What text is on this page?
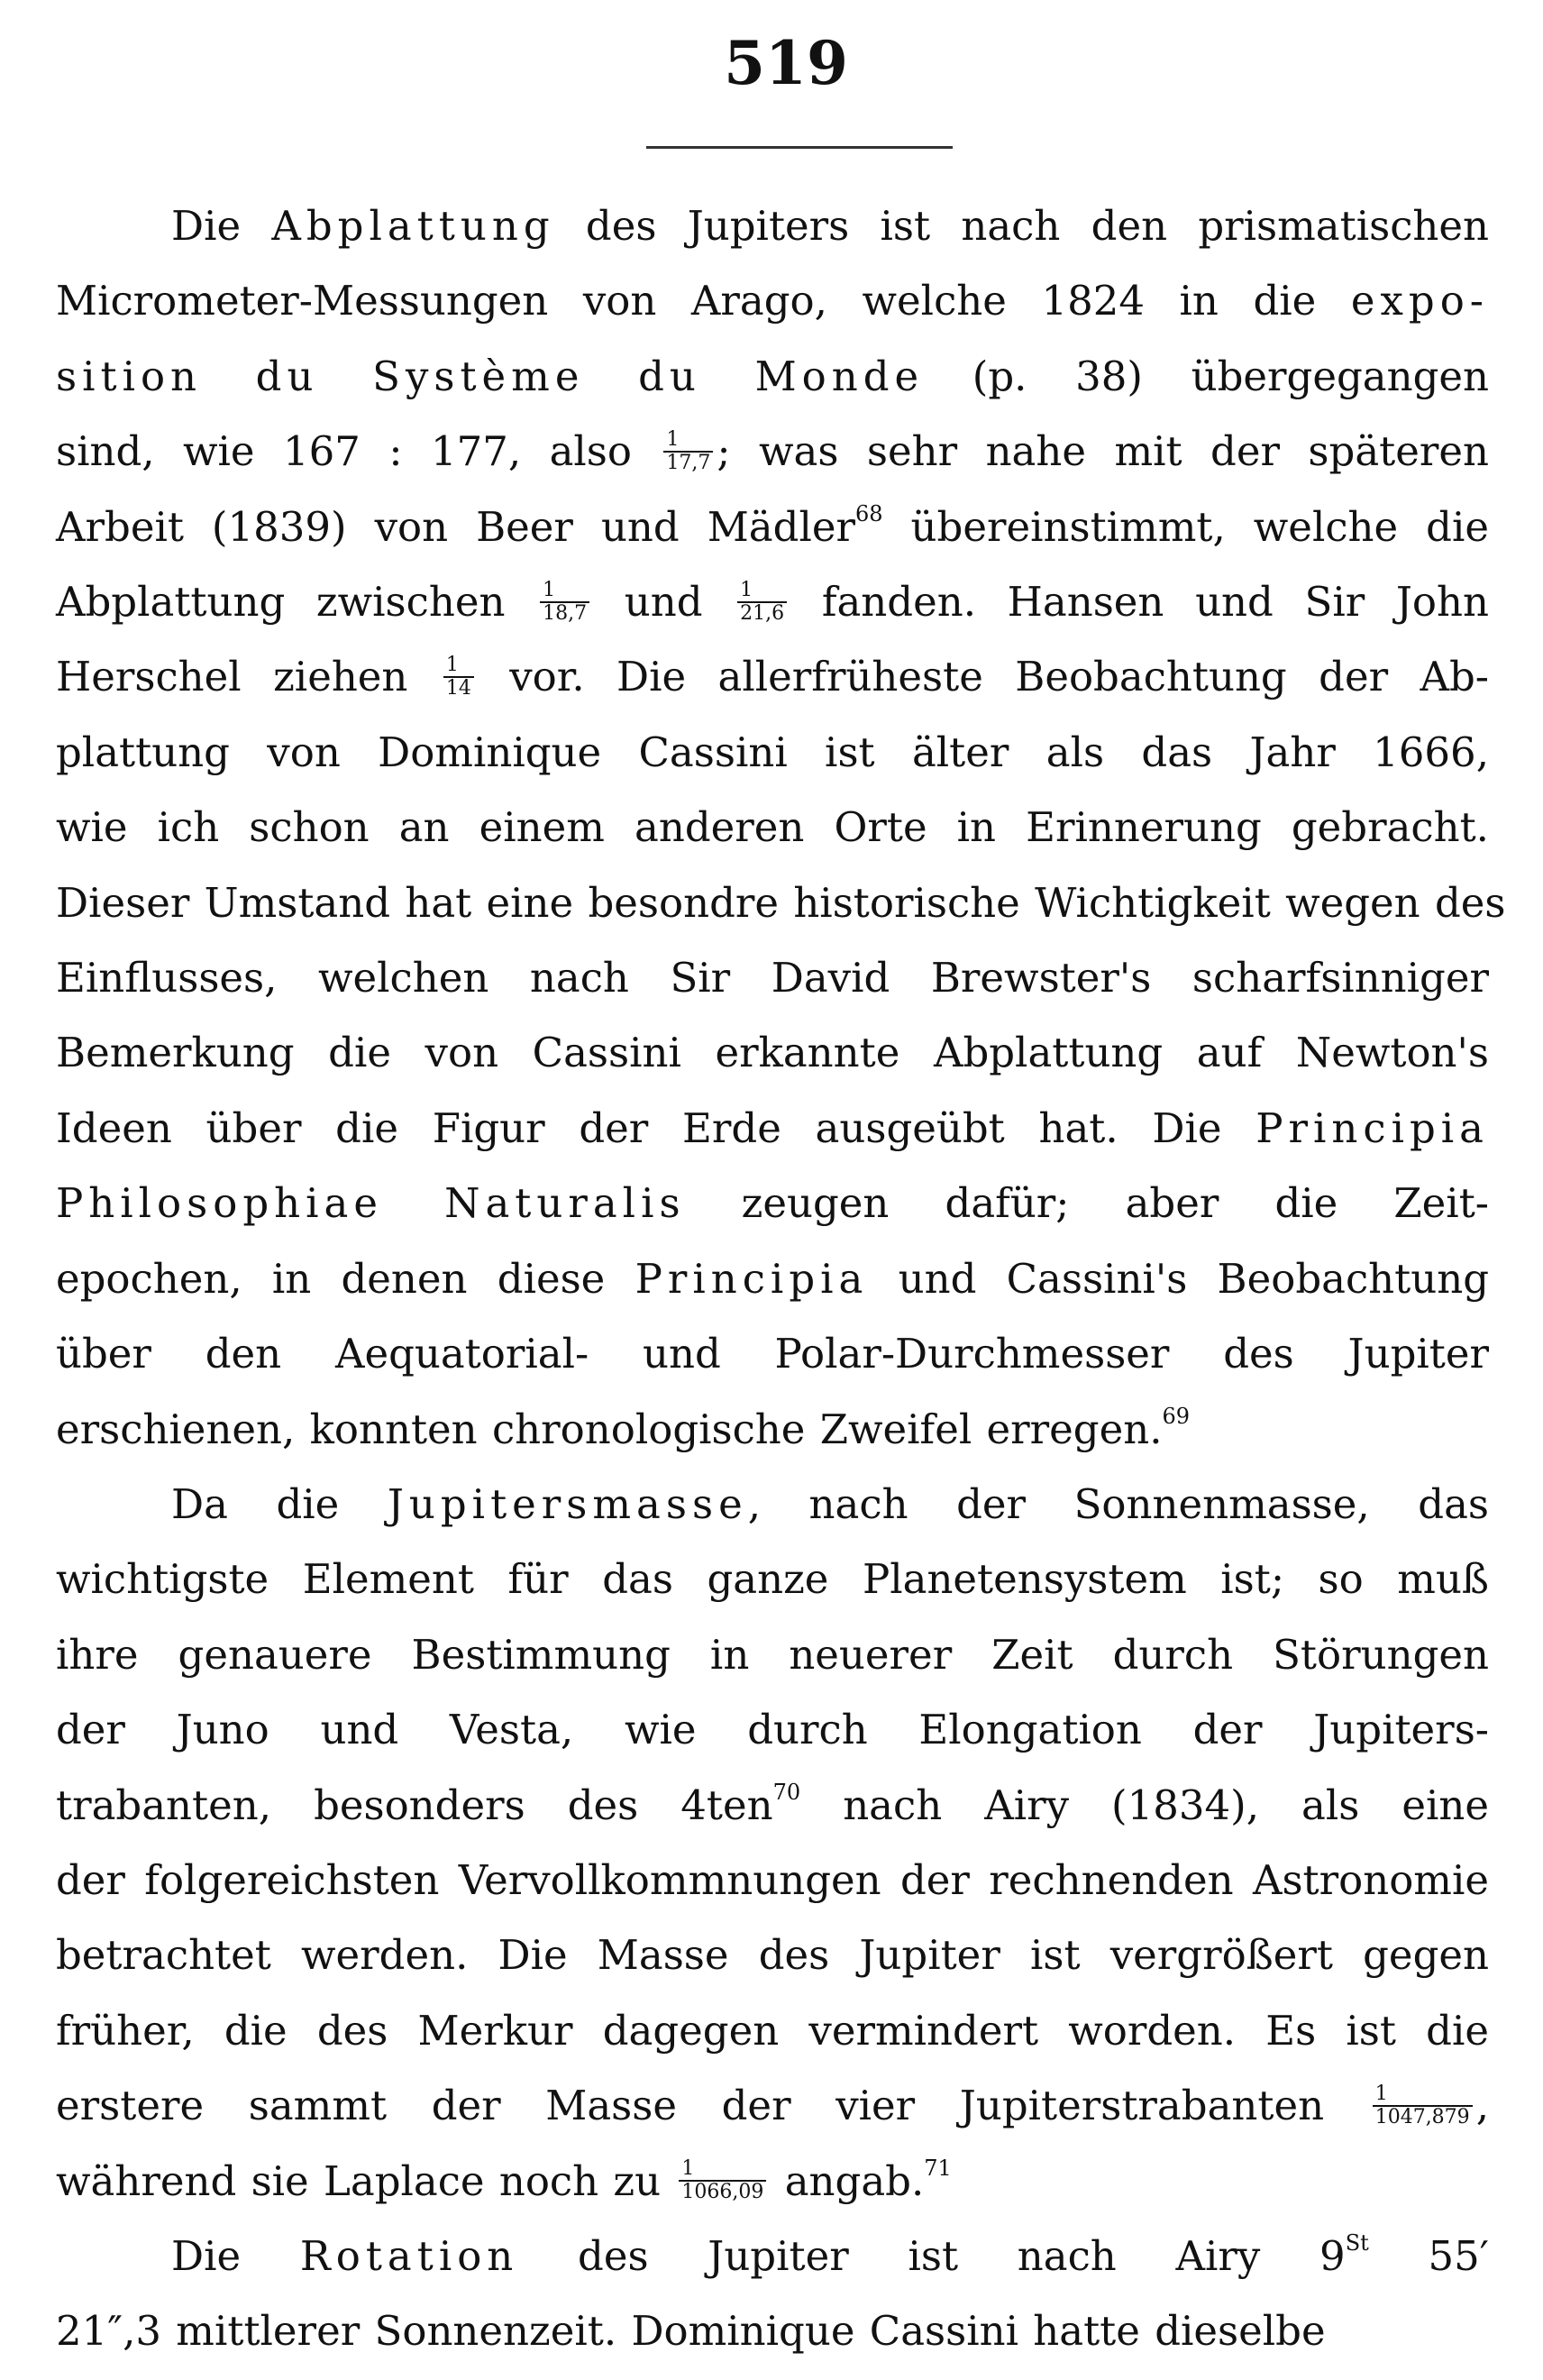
519
Die Abplattung des Jupiters ist nach den prismatischen
Micrometer-Messungen von Arago, welche 1824 in die expo-
sition du Système du Monde (p. 38) übergegangen
sind, wie 167 : 177, also $\frac{1}{17,7}$ ; was sehr nahe mit der späteren
Arbeit (1839) von Beer und Mädler$^{68}$ übereinstimmt, welche die
Abplattung zwischen $\frac{1}{18,7}$ und $\frac{1}{21,6}$ fanden. Hansen und Sir John
Herschel ziehen $\frac{1}{14}$ vor. Die allerfrüheste Beobachtung der Ab-
plattung von Dominique Cassini ist älter als das Jahr 1666,
wie ich schon an einem anderen Orte in Erinnerung gebracht.
Dieser Umstand hat eine besondre historische Wichtigkeit wegen des
Einflusses, welchen nach Sir David Brewster's scharfsinniger
Bemerkung die von Cassini erkannte Abplattung auf Newton's
Ideen über die Figur der Erde ausgeübt hat. Die Principia
Philosophiae Naturalis zeugen dafür; aber die Zeit-
epochen, in denen diese Principia und Cassini's Beobachtung
über den Aequatorial- und Polar-Durchmesser des Jupiter
erschienen, konnten chronologische Zweifel erregen.$^{69}$
Da die Jupitersmasse, nach der Sonnenmasse, das
wichtigste Element für das ganze Planetensystem ist; so muß
ihre genauere Bestimmung in neuerer Zeit durch Störungen
der Juno und Vesta, wie durch Elongation der Jupiters-
trabanten, besonders des 4ten$^{70}$ nach Airy (1834), als eine
der folgereichsten Vervollkommnungen der rechnenden Astronomie
betrachtet werden. Die Masse des Jupiter ist vergrößert gegen
früher, die des Merkur dagegen vermindert worden. Es ist die
erstere sammt der Masse der vier Jupiterstrabanten $\frac{1}{1047,879}$ ,
während sie Laplace noch zu $\frac{1}{1066,09}$ angab.$^{71}$
Die Rotation des Jupiter ist nach Airy 9St 55′
21″,3 mittlerer Sonnenzeit. Dominique Cassini hatte dieselbe
